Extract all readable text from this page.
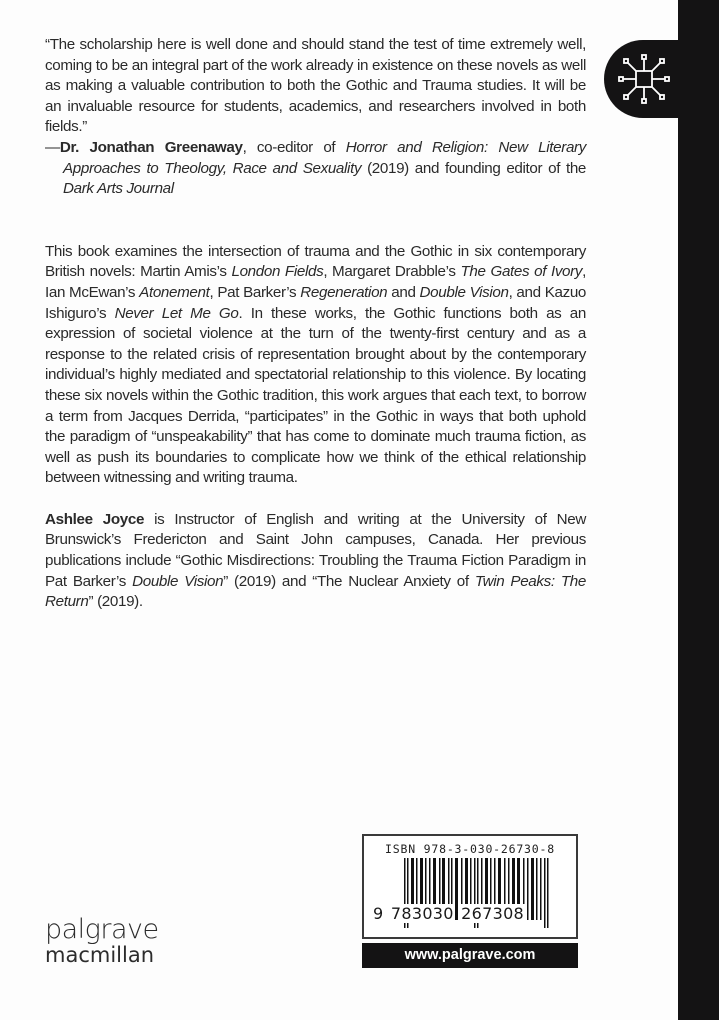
“The scholarship here is well done and should stand the test of time extremely well, coming to be an integral part of the work already in existence on these novels as well as making a valuable contribution to both the Gothic and Trauma studies. It will be an invaluable resource for students, academics, and researchers involved in both fields.”

—Dr. Jonathan Greenaway, co-editor of Horror and Religion: New Literary Approaches to Theology, Race and Sexuality (2019) and founding editor of the Dark Arts Journal

This book examines the intersection of trauma and the Gothic in six contemporary British novels: Martin Amis’s London Fields, Margaret Drabble’s The Gates of Ivory, Ian McEwan’s Atonement, Pat Barker’s Regeneration and Double Vision, and Kazuo Ishiguro’s Never Let Me Go. In these works, the Gothic functions both as an expression of societal violence at the turn of the twenty-first century and as a response to the related crisis of representation brought about by the contemporary individual’s highly mediated and spectatorial relationship to this violence. By locating these six novels within the Gothic tradition, this work argues that each text, to borrow a term from Jacques Derrida, “participates” in the Gothic in ways that both uphold the paradigm of “unspeakability” that has come to dominate much trauma fiction, as well as push its boundaries to complicate how we think of the ethical relationship between witnessing and writing trauma.

Ashlee Joyce is Instructor of English and writing at the University of New Brunswick’s Fredericton and Saint John campuses, Canada. Her previous publications include “Gothic Misdirections: Troubling the Trauma Fiction Paradigm in Pat Barker’s Double Vision” (2019) and “The Nuclear Anxiety of Twin Peaks: The Return” (2019).

palgrave
macmillan
ISBN 978-3-030-26730-8
9 783030 267308
www.palgrave.com
